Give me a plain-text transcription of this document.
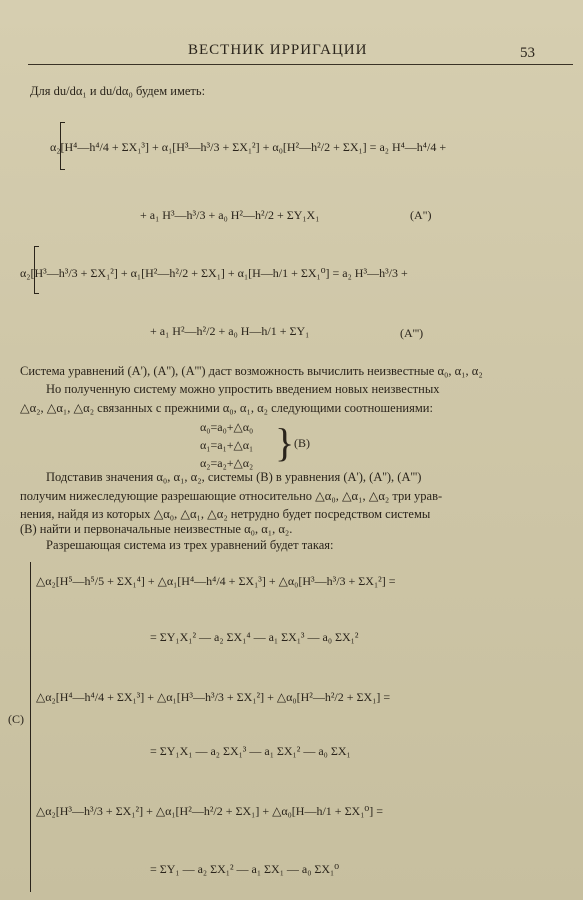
ВЕСТНИК ИРРИГАЦИИ	53
Для du/dα₁ и du/dα₀ будем иметь:
α₂[H⁴—h⁴/4 + ΣX₁³] + α₁[H³—h³/3 + ΣX₁²] + α₀[H²—h²/2 + ΣX₁] = a₂ H⁴—h⁴/4 +
+ a₁ H³—h³/3 + a₀ H²—h²/2 + ΣY₁X₁	(A")
α₂[H³—h³/3 + ΣX₁²] + α₁[H²—h²/2 + ΣX₁] + α₁[H—h/1 + ΣX₁⁰] = a₂ H³—h³/3 +
+ a₁ H²—h²/2 + a₀ H—h/1 + ΣY₁	(A''')
Система уравнений (A'), (A''), (A''') даст возможность вычислить неизвестные α₀, α₁, α₂
Но полученную систему можно упростить введением новых неизвестных
△α₂, △α₁, △α₂ связанных с прежними α₀, α₁, α₂ следующими соотношениями:
α₀=a₀+△α₀
α₁=a₁+△α₁
α₂=a₂+△α₂ } (B)
Подставив значения α₀, α₁, α₂, системы (B) в уравнения (A'), (A''), (A''')
получим нижеследующие разрешающие относительно △α₀, △α₁, △α₂ три урав-
нения, найдя из которых △α₀, △α₁, △α₂ нетрудно будет посредством системы
(B) найти и первоначальные неизвестные α₀, α₁, α₂.
Разрешающая система из трех уравнений будет такая:
(C)
△α₂[H⁵—h⁵/5 + ΣX₁⁴] + △α₁[H⁴—h⁴/4 + ΣX₁³] + △α₀[H³—h³/3 + ΣX₁²] =
= ΣY₁X₁² — a₂ ΣX₁⁴ — a₁ ΣX₁³ — a₀ ΣX₁²
△α₂[H⁴—h⁴/4 + ΣX₁³] + △α₁[H³—h³/3 + ΣX₁²] + △α₀[H²—h²/2 + ΣX₁] =
= ΣY₁X₁ — a₂ ΣX₁³ — a₁ ΣX₁² — a₀ ΣX₁
△α₂[H³—h³/3 + ΣX₁²] + △α₁[H²—h²/2 + ΣX₁] + △α₀[H—h/1 + ΣX₁⁰] =
= ΣY₁ — a₂ ΣX₁² — a₁ ΣX₁ — a₀ ΣX₁⁰
